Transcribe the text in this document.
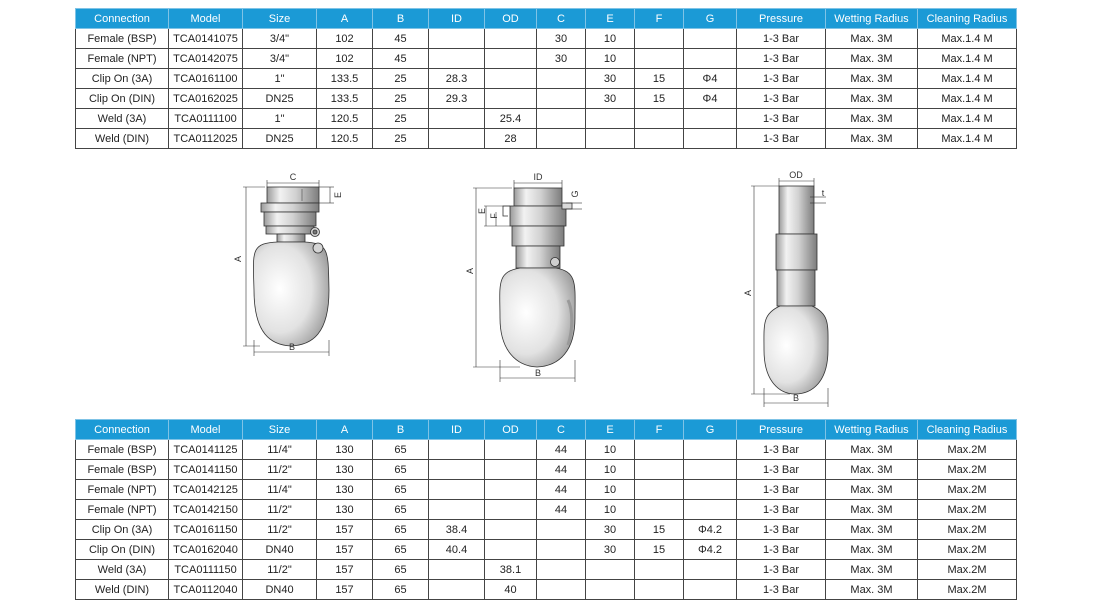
Connection	Model	Size	A	B	ID	OD	C	E	F	G	Pressure	Wetting Radius	Cleaning Radius
Female (BSP)	TCA0141075	3/4"	102	45			30	10			1-3 Bar	Max. 3M	Max.1.4 M
Female (NPT)	TCA0142075	3/4"	102	45			30	10			1-3 Bar	Max. 3M	Max.1.4 M
Clip On (3A)	TCA0161100	1"	133.5	25	28.3			30	15	Φ4	1-3 Bar	Max. 3M	Max.1.4 M
Clip On (DIN)	TCA0162025	DN25	133.5	25	29.3			30	15	Φ4	1-3 Bar	Max. 3M	Max.1.4 M
Weld (3A)	TCA0111100	1"	120.5	25		25.4					1-3 Bar	Max. 3M	Max.1.4 M
Weld (DIN)	TCA0112025	DN25	120.5	25		28					1-3 Bar	Max. 3M	Max.1.4 M
Connection	Model	Size	A	B	ID	OD	C	E	F	G	Pressure	Wetting Radius	Cleaning Radius
Female (BSP)	TCA0141125	11/4"	130	65			44	10			1-3 Bar	Max. 3M	Max.2M
Female (BSP)	TCA0141150	11/2"	130	65			44	10			1-3 Bar	Max. 3M	Max.2M
Female (NPT)	TCA0142125	11/4"	130	65			44	10			1-3 Bar	Max. 3M	Max.2M
Female (NPT)	TCA0142150	11/2"	130	65			44	10			1-3 Bar	Max. 3M	Max.2M
Clip On (3A)	TCA0161150	11/2"	157	65	38.4			30	15	Φ4.2	1-3 Bar	Max. 3M	Max.2M
Clip On (DIN)	TCA0162040	DN40	157	65	40.4			30	15	Φ4.2	1-3 Bar	Max. 3M	Max.2M
Weld (3A)	TCA0111150	11/2"	157	65		38.1					1-3 Bar	Max. 3M	Max.2M
Weld (DIN)	TCA0112040	DN40	157	65		40					1-3 Bar	Max. 3M	Max.2M
C
E
A
B
ID
G
E
F
A
B
OD
t
A
B
